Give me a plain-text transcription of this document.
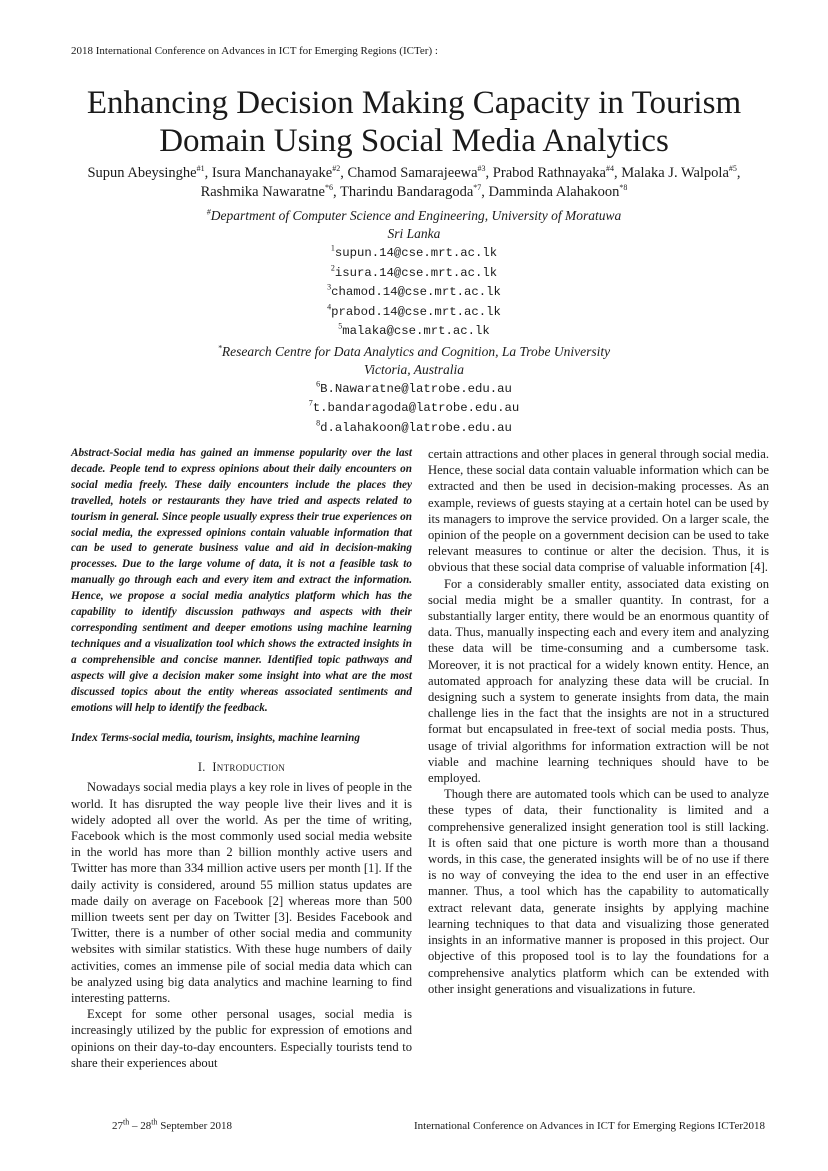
2018 International Conference on Advances in ICT for Emerging Regions (ICTer) :
Enhancing Decision Making Capacity in Tourism
Domain Using Social Media Analytics
Supun Abeysinghe$^{\#1}$, Isura Manchanayake$^{\#2}$, Chamod Samarajeewa$^{\#3}$, Prabod Rathnayaka$^{\#4}$, Malaka J. Walpola$^{\#5}$, Rashmika Nawaratne$^{*6}$, Tharindu Bandaragoda$^{*7}$, Damminda Alahakoon$^{*8}$
#Department of Computer Science and Engineering, University of Moratuwa
Sri Lanka
$^1$supun.14@cse.mrt.ac.lk
$^2$isura.14@cse.mrt.ac.lk
$^3$chamod.14@cse.mrt.ac.lk
$^4$prabod.14@cse.mrt.ac.lk
$^5$malaka@cse.mrt.ac.lk
*Research Centre for Data Analytics and Cognition, La Trobe University
Victoria, Australia
$^6$B.Nawaratne@latrobe.edu.au
$^7$t.bandaragoda@latrobe.edu.au
$^8$d.alahakoon@latrobe.edu.au

Abstract-Social media has gained an immense popularity over the last decade. People tend to express opinions about their daily encounters on social media freely. These daily encounters include the places they travelled, hotels or restaurants they have tried and aspects related to tourism in general. Since people usually express their true experiences on social media, the expressed opinions contain valuable information that can be used to generate business value and aid in decision-making processes. Due to the large volume of data, it is not a feasible task to manually go through each and every item and extract the information. Hence, we propose a social media analytics platform which has the capability to identify discussion pathways and aspects with their corresponding sentiment and deeper emotions using machine learning techniques and a visualization tool which shows the extracted insights in a comprehensible and concise manner. Identified topic pathways and aspects will give a decision maker some insight into what are the most discussed topics about the entity whereas associated sentiments and emotions will help to identify the feedback.

Index Terms-social media, tourism, insights, machine learning

I. Introduction

Nowadays social media plays a key role in lives of people in the world. It has disrupted the way people live their lives and it is widely adopted all over the world. As per the time of writing, Facebook which is the most commonly used social media website in the world has more than 2 billion monthly active users and Twitter has more than 334 million active users per month [1]. If the daily activity is considered, around 55 million status updates are made daily on average on Facebook [2] whereas more than 500 million tweets sent per day on Twitter [3]. Besides Facebook and Twitter, there is a number of other social media and community websites with similar statistics. With these huge numbers of daily activities, comes an immense pile of social media data which can be analyzed using big data analytics and machine learning to find interesting patterns.

Except for some other personal usages, social media is increasingly utilized by the public for expression of emotions and opinions on their day-to-day encounters. Especially tourists tend to share their experiences about

certain attractions and other places in general through social media. Hence, these social data contain valuable information which can be extracted and then be used in decision-making processes. As an example, reviews of guests staying at a certain hotel can be used by its managers to improve the service provided. On a larger scale, the opinion of the people on a government decision can be used to take relevant measures to continue or alter the decision. Thus, it is obvious that these social data comprise of valuable information [4].

For a considerably smaller entity, associated data existing on social media might be a smaller quantity. In contrast, for a substantially larger entity, there would be an enormous quantity of data. Thus, manually inspecting each and every item and analyzing these data will be time-consuming and a cumbersome task. Moreover, it is not practical for a widely known entity. Hence, an automated approach for analyzing these data will be crucial. In designing such a system to generate insights from data, the main challenge lies in the fact that the insights are not in a structured format but encapsulated in free-text of social media posts. Thus, usage of trivial algorithms for information extraction will be not viable and machine learning techniques should have to be employed.

Though there are automated tools which can be used to analyze these types of data, their functionality is limited and a comprehensive generalized insight generation tool is still lacking. It is often said that one picture is worth more than a thousand words, in this case, the generated insights will be of no use if there is no way of conveying the idea to the end user in an effective manner. Thus, a tool which has the capability to automatically extract relevant data, generate insights by applying machine learning techniques to that data and visualizing those generated insights in an informative manner is proposed in this project. Our objective of this proposed tool is to lay the foundations for a comprehensive analytics platform which can be extended with other insight generations and visualizations in future.

27th – 28th September 2018	International Conference on Advances in ICT for Emerging Regions ICTer2018
